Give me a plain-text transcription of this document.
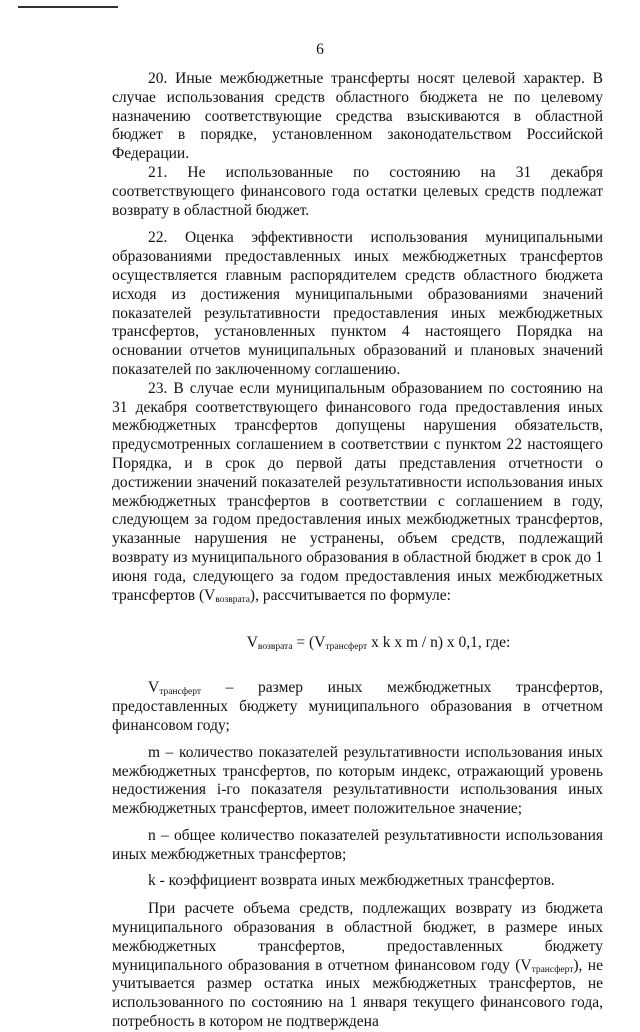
6

20. Иные межбюджетные трансферты носят целевой характер. В случае использования средств областного бюджета не по целевому назначению соответствующие средства взыскиваются в областной бюджет в порядке, установленном законодательством Российской Федерации.

21. Не использованные по состоянию на 31 декабря соответствующего финансового года остатки целевых средств подлежат возврату в областной бюджет.

22. Оценка эффективности использования муниципальными образованиями предоставленных иных межбюджетных трансфертов осуществляется главным распорядителем средств областного бюджета исходя из достижения муниципальными образованиями значений показателей результативности предоставления иных межбюджетных трансфертов, установленных пунктом 4 настоящего Порядка на основании отчетов муниципальных образований и плановых значений показателей по заключенному соглашению.

23. В случае если муниципальным образованием по состоянию на 31 декабря соответствующего финансового года предоставления иных межбюджетных трансфертов допущены нарушения обязательств, предусмотренных соглашением в соответствии с пунктом 22 настоящего Порядка, и в срок до первой даты представления отчетности о достижении значений показателей результативности использования иных межбюджетных трансфертов в соответствии с соглашением в году, следующем за годом предоставления иных межбюджетных трансфертов, указанные нарушения не устранены, объем средств, подлежащий возврату из муниципального образования в областной бюджет в срок до 1 июня года, следующего за годом предоставления иных межбюджетных трансфертов $(V_{возврата})$, рассчитывается по формуле:

$V_{возврата} = (V_{трансферт}$ x k x m / n) x 0,1, где:

$V_{трансферт}$ – размер иных межбюджетных трансфертов, предоставленных бюджету муниципального образования в отчетном финансовом году;

m – количество показателей результативности использования иных межбюджетных трансфертов, по которым индекс, отражающий уровень недостижения i-го показателя результативности использования иных межбюджетных трансфертов, имеет положительное значение;

n – общее количество показателей результативности использования иных межбюджетных трансфертов;

k - коэффициент возврата иных межбюджетных трансфертов.

При расчете объема средств, подлежащих возврату из бюджета муниципального образования в областной бюджет, в размере иных межбюджетных трансфертов, предоставленных бюджету муниципального образования в отчетном финансовом году $(V_{трансферт})$, не учитывается размер остатка иных межбюджетных трансфертов, не использованного по состоянию на 1 января текущего финансового года, потребность в котором не подтверждена
